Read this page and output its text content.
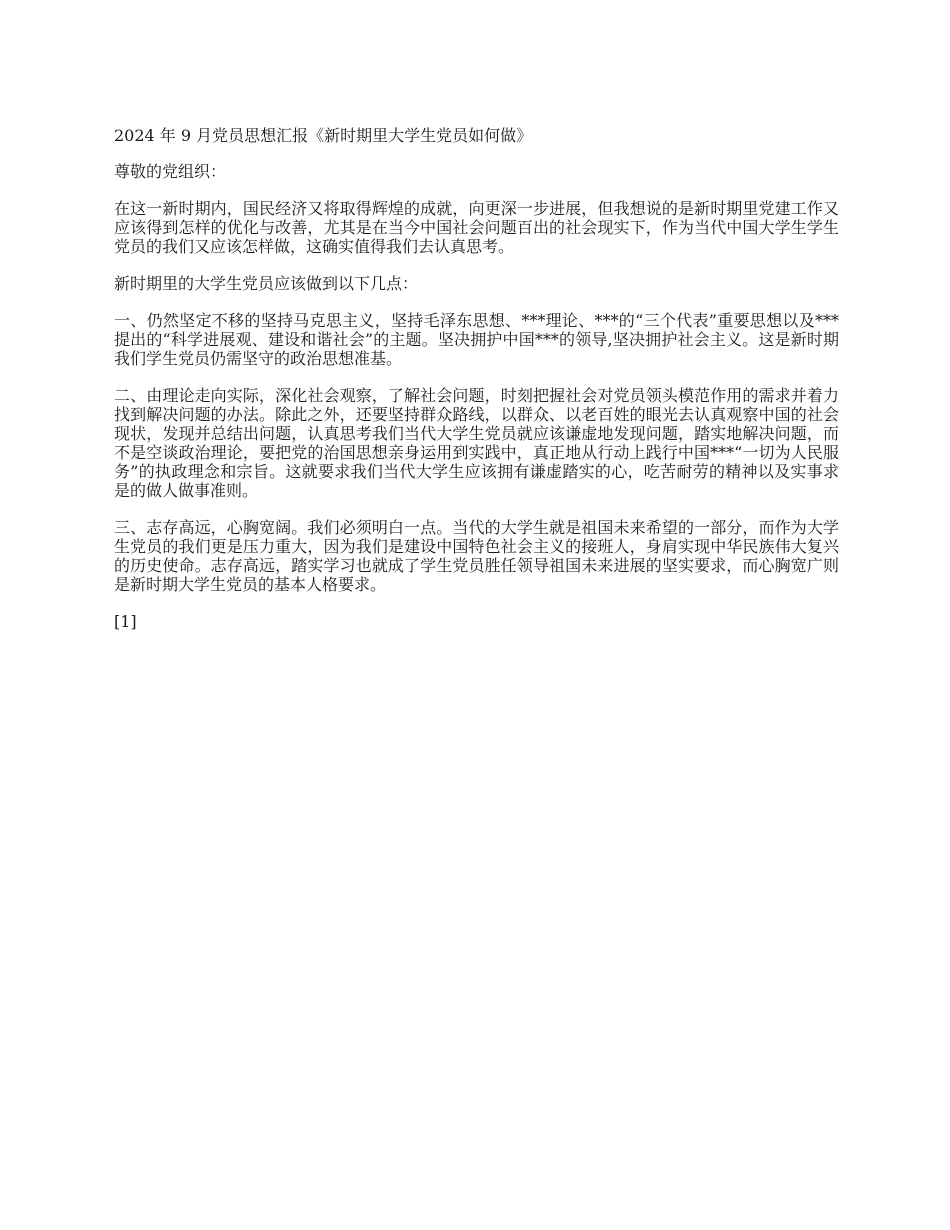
2024 年 9 月党员思想汇报《新时期里大学生党员如何做》

尊敬的党组织：

在这一新时期内，国民经济又将取得辉煌的成就，向更深一步进展，但我想说的是新时期里党建工作又应该得到怎样的优化与改善，尤其是在当今中国社会问题百出的社会现实下，作为当代中国大学生学生党员的我们又应该怎样做，这确实值得我们去认真思考。

新时期里的大学生党员应该做到以下几点：

一、仍然坚定不移的坚持马克思主义，坚持毛泽东思想、***理论、***的“三个代表”重要思想以及***提出的“科学进展观、建设和谐社会”的主题。坚决拥护中国***的领导,坚决拥护社会主义。这是新时期我们学生党员仍需坚守的政治思想准基。

二、由理论走向实际，深化社会观察，了解社会问题，时刻把握社会对党员领头模范作用的需求并着力找到解决问题的办法。除此之外，还要坚持群众路线，以群众、以老百姓的眼光去认真观察中国的社会现状，发现并总结出问题，认真思考我们当代大学生党员就应该谦虚地发现问题，踏实地解决问题，而不是空谈政治理论，要把党的治国思想亲身运用到实践中，真正地从行动上践行中国***“一切为人民服务”的执政理念和宗旨。这就要求我们当代大学生应该拥有谦虚踏实的心，吃苦耐劳的精神以及实事求是的做人做事准则。

三、志存高远，心胸宽阔。我们必须明白一点。当代的大学生就是祖国未来希望的一部分，而作为大学生党员的我们更是压力重大，因为我们是建设中国特色社会主义的接班人，身肩实现中华民族伟大复兴的历史使命。志存高远，踏实学习也就成了学生党员胜任领导祖国未来进展的坚实要求，而心胸宽广则是新时期大学生党员的基本人格要求。

[1]
